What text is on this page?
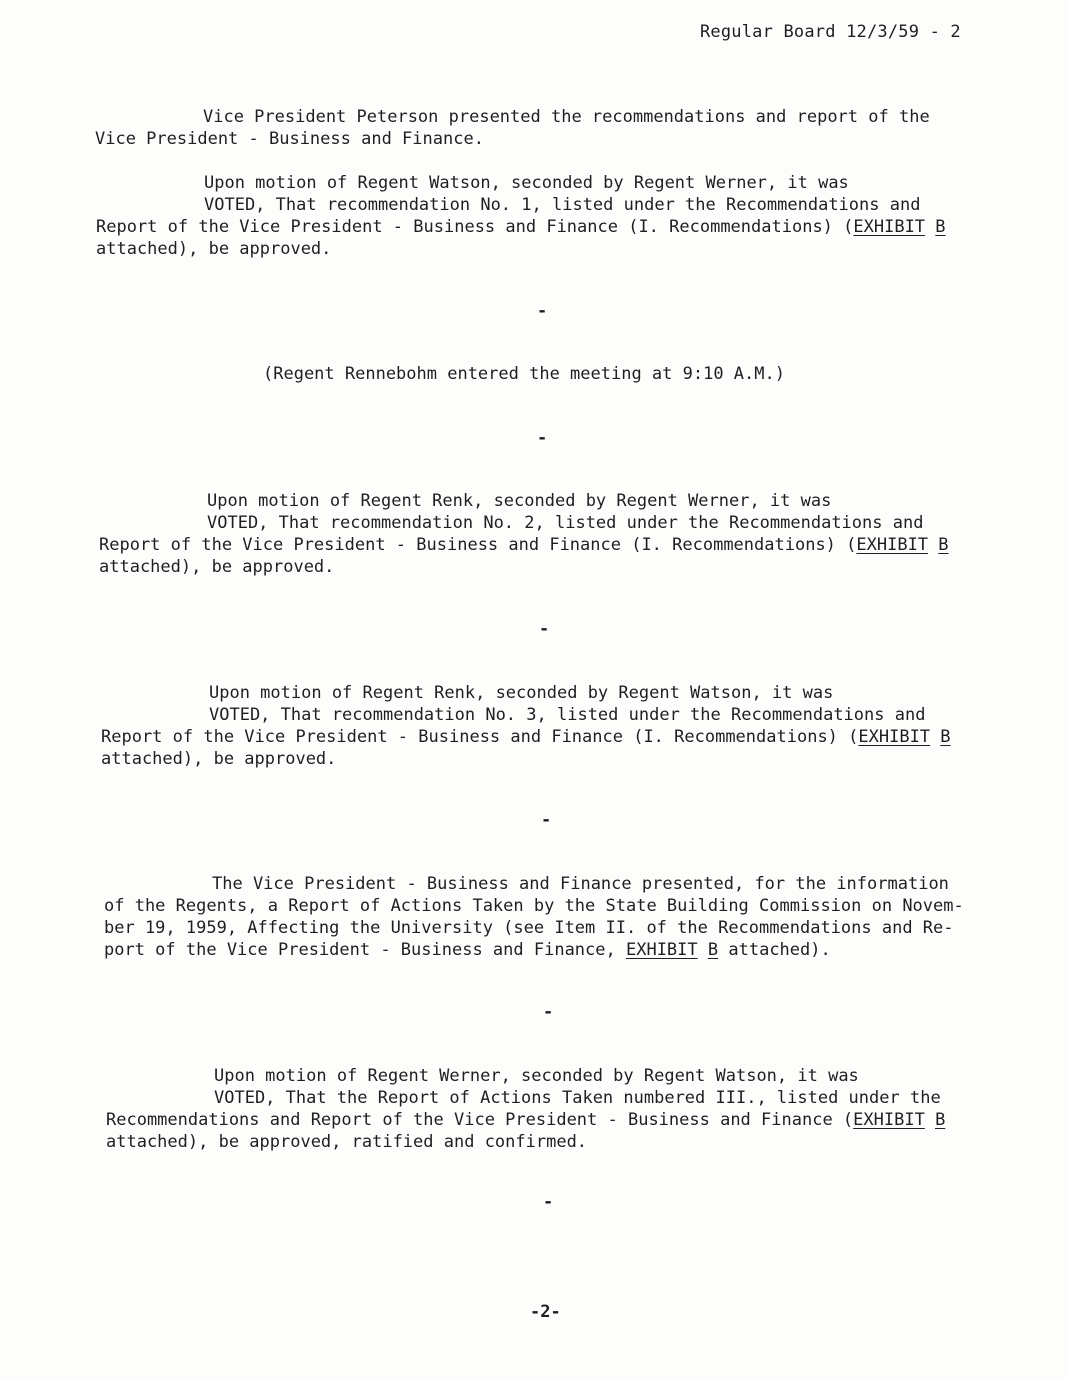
Regular Board 12/3/59 - 2
Vice President Peterson presented the recommendations and report of the
Vice President - Business and Finance.
Upon motion of Regent Watson, seconded by Regent Werner, it was
VOTED, That recommendation No. 1, listed under the Recommendations and
Report of the Vice President - Business and Finance (I. Recommendations) (EXHIBIT B
attached), be approved.
-
(Regent Rennebohm entered the meeting at 9:10 A.M.)
-
Upon motion of Regent Renk, seconded by Regent Werner, it was
VOTED, That recommendation No. 2, listed under the Recommendations and
Report of the Vice President - Business and Finance (I. Recommendations) (EXHIBIT B
attached), be approved.
-
Upon motion of Regent Renk, seconded by Regent Watson, it was
VOTED, That recommendation No. 3, listed under the Recommendations and
Report of the Vice President - Business and Finance (I. Recommendations) (EXHIBIT B
attached), be approved.
-
The Vice President - Business and Finance presented, for the information
of the Regents, a Report of Actions Taken by the State Building Commission on Novem-
ber 19, 1959, Affecting the University (see Item II. of the Recommendations and Re-
port of the Vice President - Business and Finance, EXHIBIT B attached).
-
Upon motion of Regent Werner, seconded by Regent Watson, it was
VOTED, That the Report of Actions Taken numbered III., listed under the
Recommendations and Report of the Vice President - Business and Finance (EXHIBIT B
attached), be approved, ratified and confirmed.
-
-2-
